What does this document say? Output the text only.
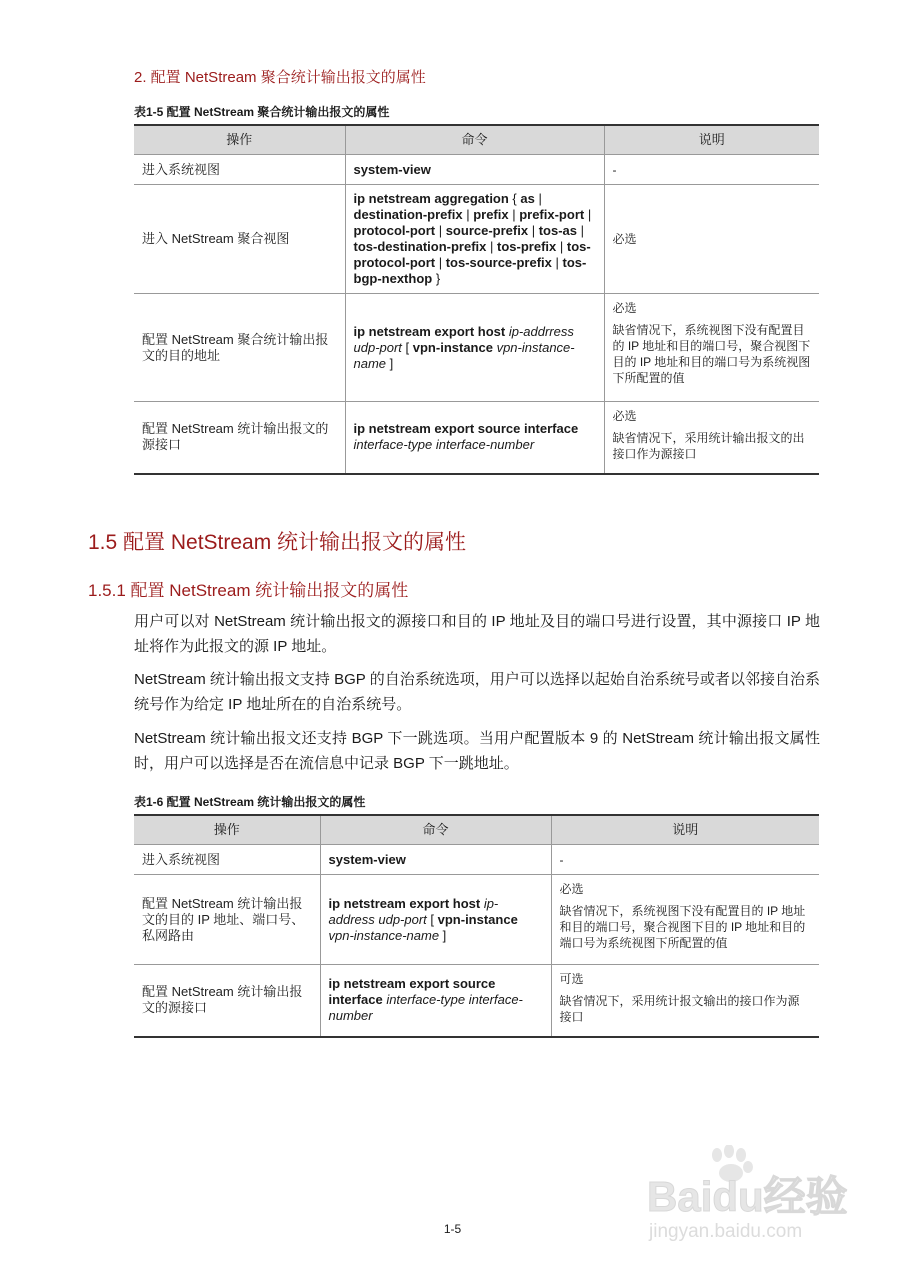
2. 配置 NetStream 聚合统计输出报文的属性
表1-5 配置 NetStream 聚合统计输出报文的属性
操作	命令	说明
进入系统视图	system-view	-

进入 NetStream 聚合视图	ip netstream aggregation { as | destination-prefix | prefix | prefix-port | protocol-port | source-prefix | tos-as | tos-destination-prefix | tos-prefix | tos-protocol-port | tos-source-prefix | tos-bgp-nexthop }	必选

配置 NetStream 聚合统计输出报文的目的地址	ip netstream export host ip-addrress udp-port [ vpn-instance vpn-instance-name ]	必选
缺省情况下，系统视图下没有配置目的 IP 地址和目的端口号，聚合视图下目的 IP 地址和目的端口号为系统视图下所配置的值

配置 NetStream 统计输出报文的源接口	ip netstream export source interface interface-type interface-number	必选
缺省情况下，采用统计输出报文的出接口作为源接口
1.5 配置 NetStream 统计输出报文的属性
1.5.1 配置 NetStream 统计输出报文的属性
用户可以对 NetStream 统计输出报文的源接口和目的 IP 地址及目的端口号进行设置，其中源接口 IP 地址将作为此报文的源 IP 地址。
NetStream 统计输出报文支持 BGP 的自治系统选项，用户可以选择以起始自治系统号或者以邻接自治系统号作为给定 IP 地址所在的自治系统号。
NetStream 统计输出报文还支持 BGP 下一跳选项。当用户配置版本 9 的 NetStream 统计输出报文属性时，用户可以选择是否在流信息中记录 BGP 下一跳地址。
表1-6 配置 NetStream 统计输出报文的属性
操作	命令	说明
进入系统视图	system-view	-

配置 NetStream 统计输出报文的目的 IP 地址、端口号、私网路由	ip netstream export host ip-address udp-port [ vpn-instance vpn-instance-name ]	必选
缺省情况下，系统视图下没有配置目的 IP 地址和目的端口号，聚合视图下目的 IP 地址和目的端口号为系统视图下所配置的值

配置 NetStream 统计输出报文的源接口	ip netstream export source interface interface-type interface-number	可选
缺省情况下，采用统计报文输出的接口作为源接口
Baidu经验
jingyan.baidu.com
1-5
